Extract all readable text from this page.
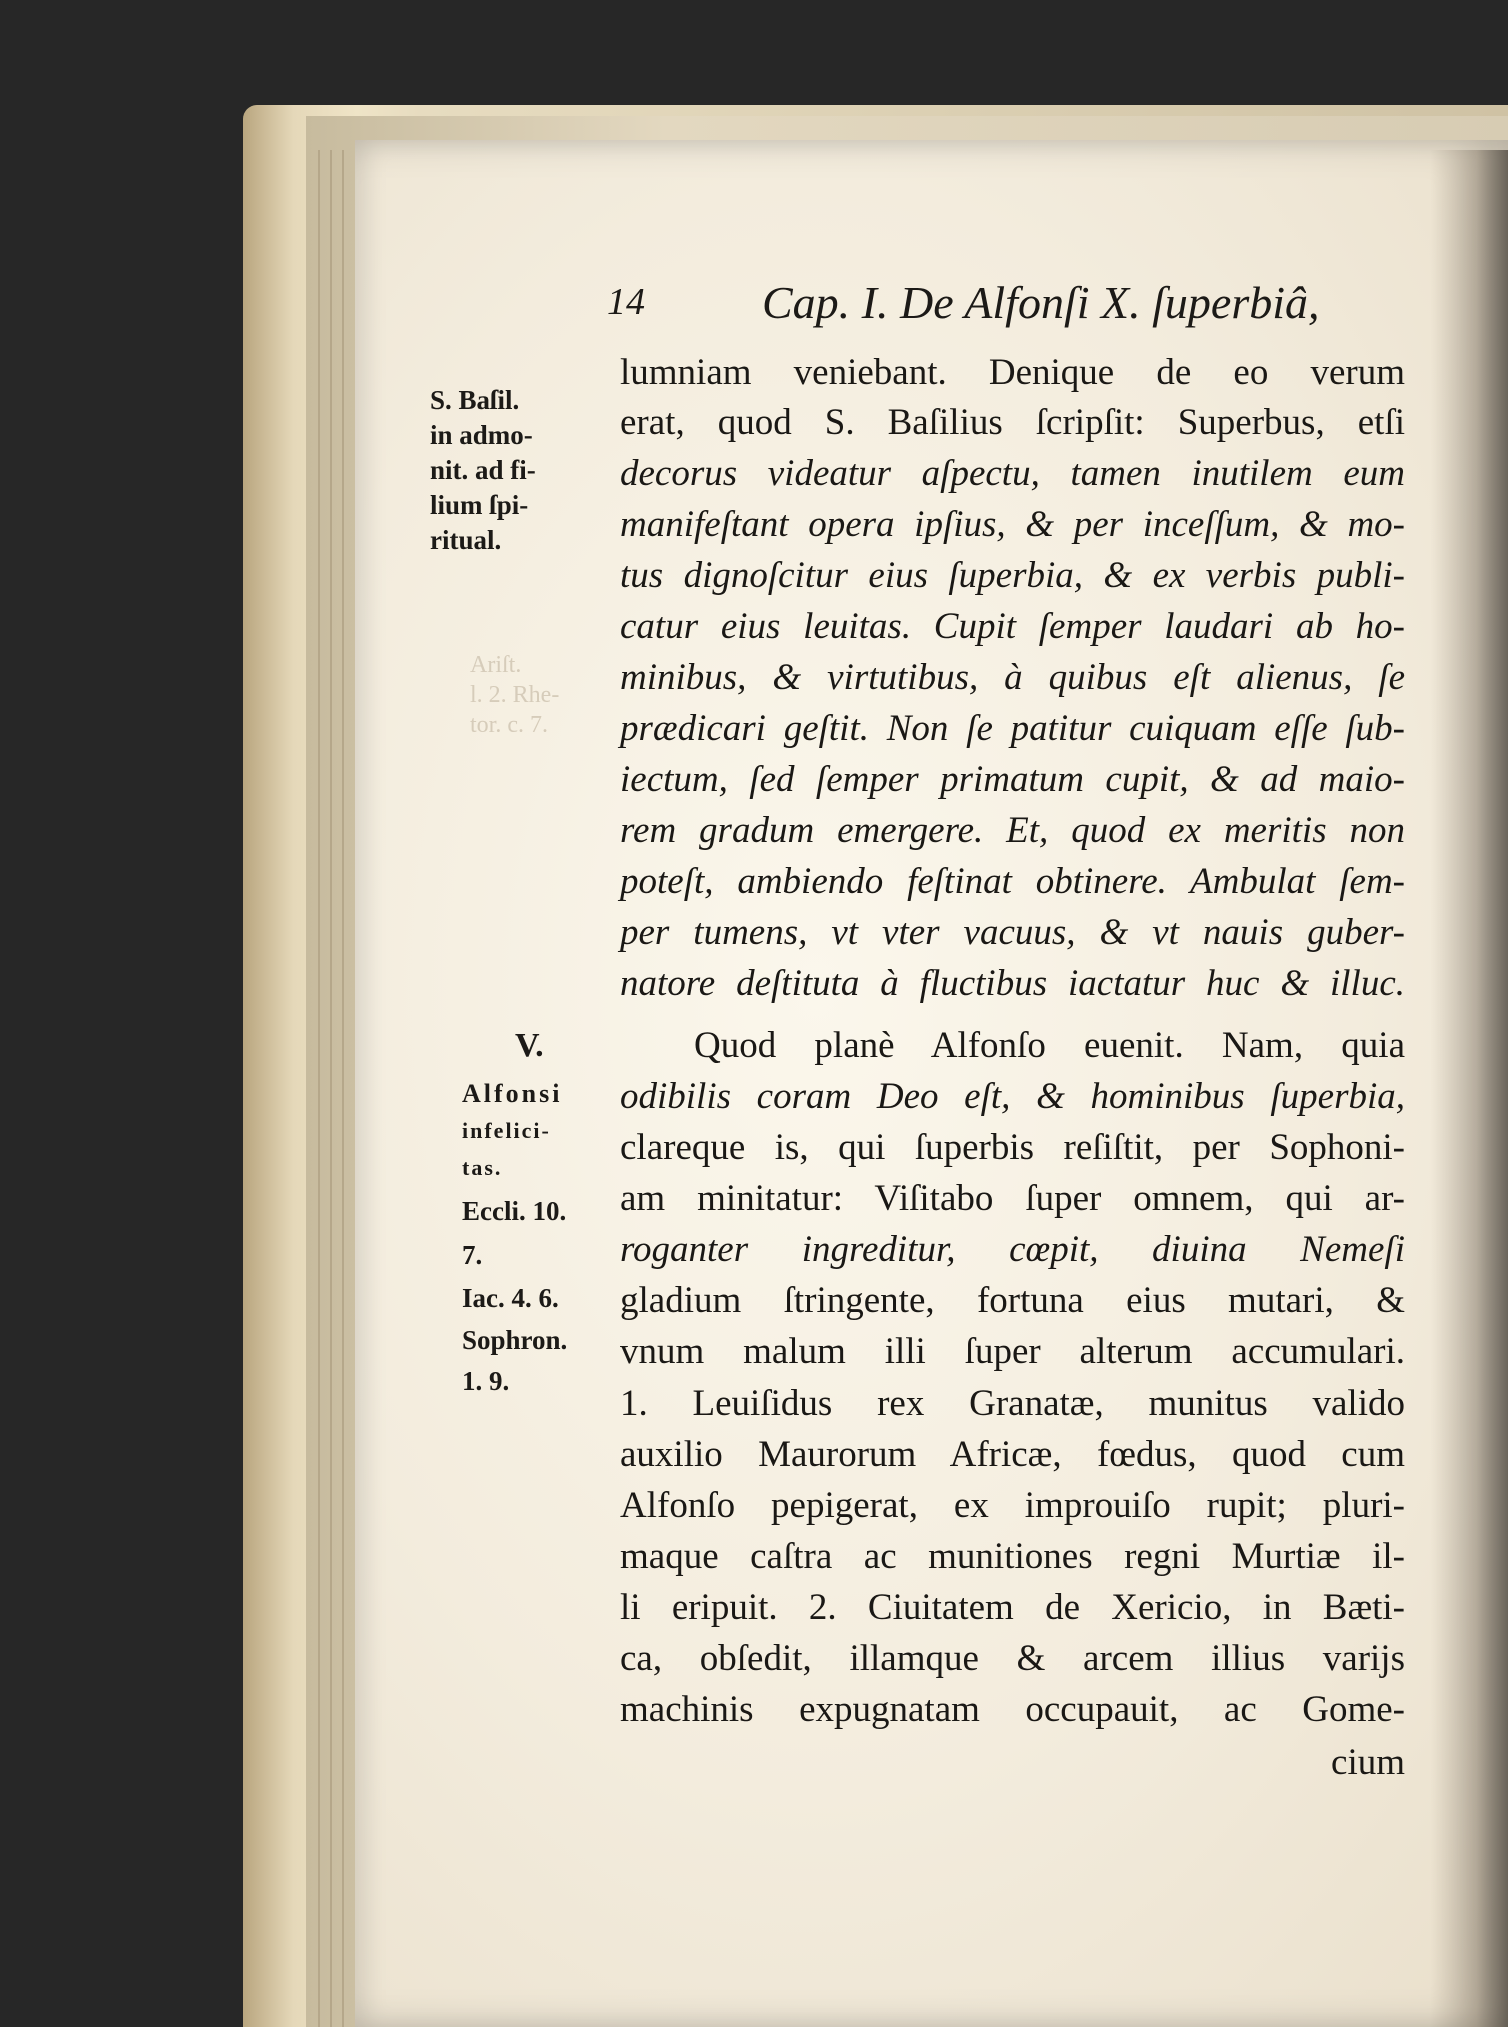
Ariſt.
l. 2. Rhe-
tor. c. 7.
14	Cap. I. De Alfonſi X. ſuperbiâ,
S. Baſil.
in admo-
nit. ad fi-
lium ſpi-
ritual.
V.
Alfonsi
infelici-
tas.
Eccli. 10.
7.
Iac. 4. 6.
Sophron.
1. 9.
lumniam veniebant. Denique de eo verum
erat, quod S. Baſilius ſcripſit: Superbus, etſi
decorus videatur aſpectu, tamen inutilem eum
manifeſtant opera ipſius, & per inceſſum, & mo-
tus dignoſcitur eius ſuperbia, & ex verbis publi-
catur eius leuitas. Cupit ſemper laudari ab ho-
minibus, & virtutibus, à quibus eſt alienus, ſe
prædicari geſtit. Non ſe patitur cuiquam eſſe ſub-
iectum, ſed ſemper primatum cupit, & ad maio-
rem gradum emergere. Et, quod ex meritis non
poteſt, ambiendo feſtinat obtinere. Ambulat ſem-
per tumens, vt vter vacuus, & vt nauis guber-
natore deſtituta à fluctibus iactatur huc & illuc.
Quod planè Alfonſo euenit. Nam, quia
odibilis coram Deo eſt, & hominibus ſuperbia,
clareque is, qui ſuperbis reſiſtit, per Sophoni-
am minitatur: Viſitabo ſuper omnem, qui ar-
roganter ingreditur, cœpit, diuina Nemeſi
gladium ſtringente, fortuna eius mutari, &
vnum malum illi ſuper alterum accumulari.
1. Leuiſidus rex Granatæ, munitus valido
auxilio Maurorum Africæ, fœdus, quod cum
Alfonſo pepigerat, ex improuiſo rupit; pluri-
maque caſtra ac munitiones regni Murtiæ il-
li eripuit. 2. Ciuitatem de Xericio, in Bæti-
ca, obſedit, illamque & arcem illius varijs
machinis expugnatam occupauit, ac Gome-
cium
